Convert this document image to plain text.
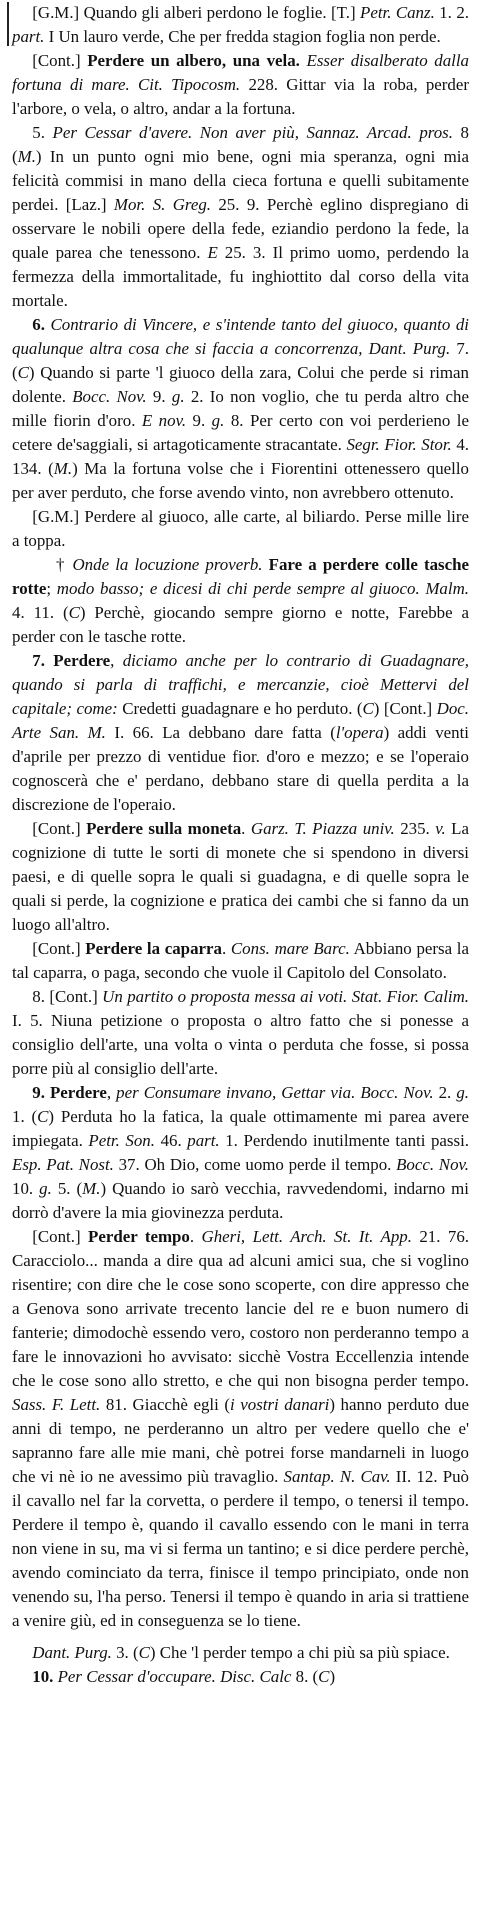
[G.M.] Quando gli alberi perdono le foglie. [T.] Petr. Canz. 1. 2. part. I Un lauro verde, Che per fredda stagion foglia non perde.

[Cont.] Perdere un albero, una vela. Esser disalberato dalla fortuna di mare. Cit. Tipocosm. 228. Gittar via la roba, perder l'arbore, o vela, o altro, andar a la fortuna.

5. Per Cessar d'avere. Non aver più, Sannaz. Arcad. pros. 8 (M.) In un punto ogni mio bene, ogni mia speranza, ogni mia felicità commisi in mano della cieca fortuna e quelli subitamente perdei. [Laz.] Mor. S. Greg. 25. 9. Perchè eglino dispregiano di osservare le nobili opere della fede, eziandio perdono la fede, la quale parea che tenessono. E 25. 3. Il primo uomo, perdendo la fermezza della immortalitade, fu inghiottito dal corso della vita mortale.

6. Contrario di Vincere, e s'intende tanto del giuoco, quanto di qualunque altra cosa che si faccia a concorrenza, Dant. Purg. 7. (C) Quando si parte 'l giuoco della zara, Colui che perde si riman dolente. Bocc. Nov. 9. g. 2. Io non voglio, che tu perda altro che mille fiorin d'oro. E nov. 9. g. 8. Per certo con voi perderieno le cetere de'saggiali, si artagoticamente stracantate. Segr. Fior. Stor. 4. 134. (M.) Ma la fortuna volse che i Fiorentini ottenessero quello per aver perduto, che forse avendo vinto, non avrebbero ottenuto.

[G.M.] Perdere al giuoco, alle carte, al biliardo. Perse mille lire a toppa.

† Onde la locuzione proverb. Fare a perdere colle tasche rotte; modo basso; e dicesi di chi perde sempre al giuoco. Malm. 4. 11. (C) Perchè, giocando sempre giorno e notte, Farebbe a perder con le tasche rotte.

7. Perdere, diciamo anche per lo contrario di Guadagnare, quando si parla di traffichi, e mercanzie, cioè Mettervi del capitale; come: Credetti guadagnare e ho perduto. (C) [Cont.] Doc. Arte San. M. I. 66. La debbano dare fatta (l'opera) addi venti d'aprile per prezzo di ventidue fior. d'oro e mezzo; e se l'operaio cognoscerà che e' perdano, debbano stare di quella perdita a la discrezione de l'operaio.

[Cont.] Perdere sulla moneta. Garz. T. Piazza univ. 235. v. La cognizione di tutte le sorti di monete che si spendono in diversi paesi, e di quelle sopra le quali si guadagna, e di quelle sopra le quali si perde, la cognizione e pratica dei cambi che si fanno da un luogo all'altro.

[Cont.] Perdere la caparra. Cons. mare Barc. Abbiano persa la tal caparra, o paga, secondo che vuole il Capitolo del Consolato.

8. [Cont.] Un partito o proposta messa ai voti. Stat. Fior. Calim. I. 5. Niuna petizione o proposta o altro fatto che si ponesse a consiglio dell'arte, una volta o vinta o perduta che fosse, si possa porre più al consiglio dell'arte.

9. Perdere, per Consumare invano, Gettar via. Bocc. Nov. 2. g. 1. (C) Perduta ho la fatica, la quale ottimamente mi parea avere impiegata. Petr. Son. 46. part. 1. Perdendo inutilmente tanti passi. Esp. Pat. Nost. 37. Oh Dio, come uomo perde il tempo. Bocc. Nov. 10. g. 5. (M.) Quando io sarò vecchia, ravvedendomi, indarno mi dorrò d'avere la mia giovinezza perduta.

[Cont.] Perder tempo. Gheri, Lett. Arch. St. It. App. 21. 76. Caracciolo... manda a dire qua ad alcuni amici sua, che si voglino risentire; con dire che le cose sono scoperte, con dire appresso che a Genova sono arrivate trecento lancie del re e buon numero di fanterie; dimodochè essendo vero, costoro non perderanno tempo a fare le innovazioni ho avvisato: sicchè Vostra Eccellenzia intende che le cose sono allo stretto, e che qui non bisogna perder tempo. Sass. F. Lett. 81. Giacchè egli (i vostri danari) hanno perduto due anni di tempo, ne perderanno un altro per vedere quello che e' sapranno fare alle mie mani, chè potrei forse mandarneli in luogo che vi nè io ne avessimo più travaglio. Santap. N. Cav. II. 12. Può il cavallo nel far la corvetta, o perdere il tempo, o tenersi il tempo. Perdere il tempo è, quando il cavallo essendo con le mani in terra non viene in su, ma vi si ferma un tantino; e si dice perdere perchè, avendo cominciato da terra, finisce il tempo principiato, onde non venendo su, l'ha perso. Tenersi il tempo è quando in aria si trattiene a venire giù, ed in conseguenza se lo tiene.

Dant. Purg. 3. (C) Che 'l perder tempo a chi più sa più spiace.

10. Per Cessar d'occupare. Disc. Calc 8. (C)
